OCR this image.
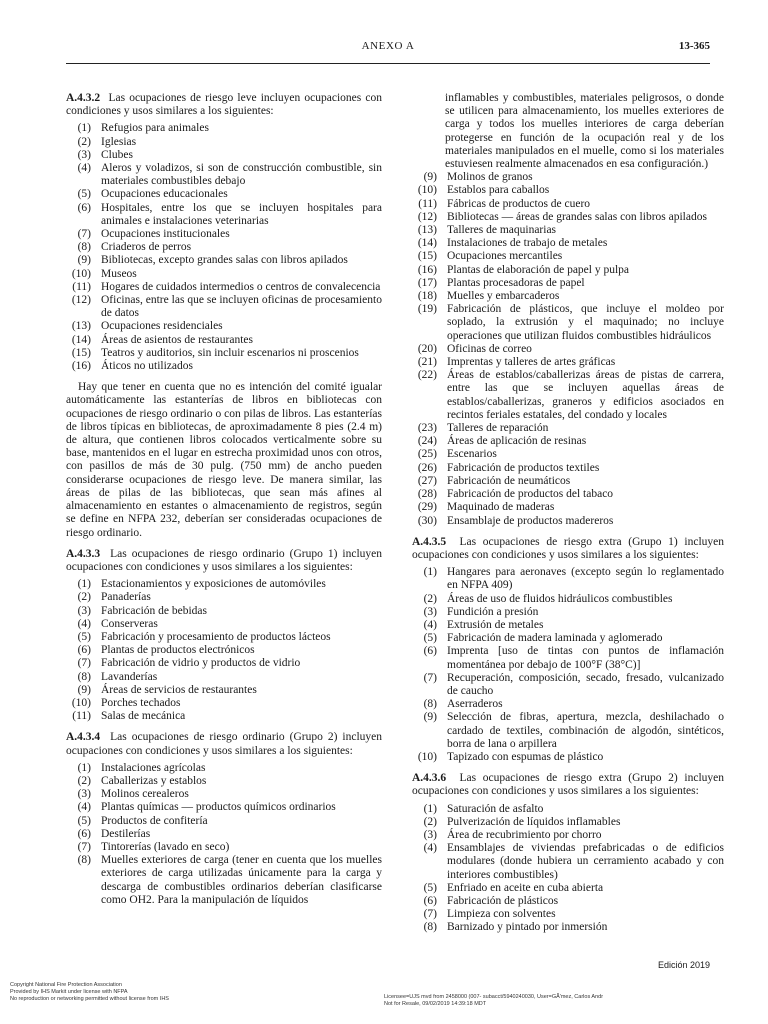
ANEXO A	13-365

A.4.3.2 Las ocupaciones de riesgo leve incluyen ocupaciones con condiciones y usos similares a los siguientes:

(1) Refugios para animales
(2) Iglesias
(3) Clubes
(4) Aleros y voladizos, si son de construcción combustible, sin materiales combustibles debajo
(5) Ocupaciones educacionales
(6) Hospitales, entre los que se incluyen hospitales para animales e instalaciones veterinarias
(7) Ocupaciones institucionales
(8) Criaderos de perros
(9) Bibliotecas, excepto grandes salas con libros apilados
(10) Museos
(11) Hogares de cuidados intermedios o centros de convalecencia
(12) Oficinas, entre las que se incluyen oficinas de procesamiento de datos
(13) Ocupaciones residenciales
(14) Áreas de asientos de restaurantes
(15) Teatros y auditorios, sin incluir escenarios ni proscenios
(16) Áticos no utilizados

Hay que tener en cuenta que no es intención del comité igualar automáticamente las estanterías de libros en bibliotecas con ocupaciones de riesgo ordinario o con pilas de libros. Las estanterías de libros típicas en bibliotecas, de aproximadamente 8 pies (2.4 m) de altura, que contienen libros colocados verticalmente sobre su base, mantenidos en el lugar en estrecha proximidad unos con otros, con pasillos de más de 30 pulg. (750 mm) de ancho pueden considerarse ocupaciones de riesgo leve. De manera similar, las áreas de pilas de las bibliotecas, que sean más afines al almacenamiento en estantes o almacenamiento de registros, según se define en NFPA 232, deberían ser consideradas ocupaciones de riesgo ordinario.

A.4.3.3 Las ocupaciones de riesgo ordinario (Grupo 1) incluyen ocupaciones con condiciones y usos similares a los siguientes:

(1) Estacionamientos y exposiciones de automóviles
(2) Panaderías
(3) Fabricación de bebidas
(4) Conserveras
(5) Fabricación y procesamiento de productos lácteos
(6) Plantas de productos electrónicos
(7) Fabricación de vidrio y productos de vidrio
(8) Lavanderías
(9) Áreas de servicios de restaurantes
(10) Porches techados
(11) Salas de mecánica

A.4.3.4 Las ocupaciones de riesgo ordinario (Grupo 2) incluyen ocupaciones con condiciones y usos similares a los siguientes:

(1) Instalaciones agrícolas
(2) Caballerizas y establos
(3) Molinos cerealeros
(4) Plantas químicas — productos químicos ordinarios
(5) Productos de confitería
(6) Destilerías
(7) Tintorerías (lavado en seco)
(8) Muelles exteriores de carga (tener en cuenta que los muelles exteriores de carga utilizadas únicamente para la carga y descarga de combustibles ordinarios deberían clasificarse como OH2. Para la manipulación de líquidos

inflamables y combustibles, materiales peligrosos, o donde se utilicen para almacenamiento, los muelles exteriores de carga y todos los muelles interiores de carga deberían protegerse en función de la ocupación real y de los materiales manipulados en el muelle, como si los materiales estuviesen realmente almacenados en esa configuración.)

(9) Molinos de granos
(10) Establos para caballos
(11) Fábricas de productos de cuero
(12) Bibliotecas — áreas de grandes salas con libros apilados
(13) Talleres de maquinarias
(14) Instalaciones de trabajo de metales
(15) Ocupaciones mercantiles
(16) Plantas de elaboración de papel y pulpa
(17) Plantas procesadoras de papel
(18) Muelles y embarcaderos
(19) Fabricación de plásticos, que incluye el moldeo por soplado, la extrusión y el maquinado; no incluye operaciones que utilizan fluidos combustibles hidráulicos
(20) Oficinas de correo
(21) Imprentas y talleres de artes gráficas
(22) Áreas de establos/caballerizas áreas de pistas de carrera, entre las que se incluyen aquellas áreas de establos/caballerizas, graneros y edificios asociados en recintos feriales estatales, del condado y locales
(23) Talleres de reparación
(24) Áreas de aplicación de resinas
(25) Escenarios
(26) Fabricación de productos textiles
(27) Fabricación de neumáticos
(28) Fabricación de productos del tabaco
(29) Maquinado de maderas
(30) Ensamblaje de productos madereros

A.4.3.5 Las ocupaciones de riesgo extra (Grupo 1) incluyen ocupaciones con condiciones y usos similares a los siguientes:

(1) Hangares para aeronaves (excepto según lo reglamentado en NFPA 409)
(2) Áreas de uso de fluidos hidráulicos combustibles
(3) Fundición a presión
(4) Extrusión de metales
(5) Fabricación de madera laminada y aglomerado
(6) Imprenta [uso de tintas con puntos de inflamación momentánea por debajo de 100°F (38°C)]
(7) Recuperación, composición, secado, fresado, vulcanizado de caucho
(8) Aserraderos
(9) Selección de fibras, apertura, mezcla, deshilachado o cardado de textiles, combinación de algodón, sintéticos, borra de lana o arpillera
(10) Tapizado con espumas de plástico

A.4.3.6 Las ocupaciones de riesgo extra (Grupo 2) incluyen ocupaciones con condiciones y usos similares a los siguientes:

(1) Saturación de asfalto
(2) Pulverización de líquidos inflamables
(3) Área de recubrimiento por chorro
(4) Ensamblajes de viviendas prefabricadas o de edificios modulares (donde hubiera un cerramiento acabado y con interiores combustibles)
(5) Enfriado en aceite en cuba abierta
(6) Fabricación de plásticos
(7) Limpieza con solventes
(8) Barnizado y pintado por inmersión
Edición 2019
Copyright National Fire Protection Association
Provided by IHS Markit under license with NFPA
No reproduction or networking permitted without license from IHS	Licensee=UJS mvd from 2458000 (007- subacct/5940240030, User=GÃ'mez, Carlos Andr
Not for Resale, 09/02/2019 14:39:18 MDT
